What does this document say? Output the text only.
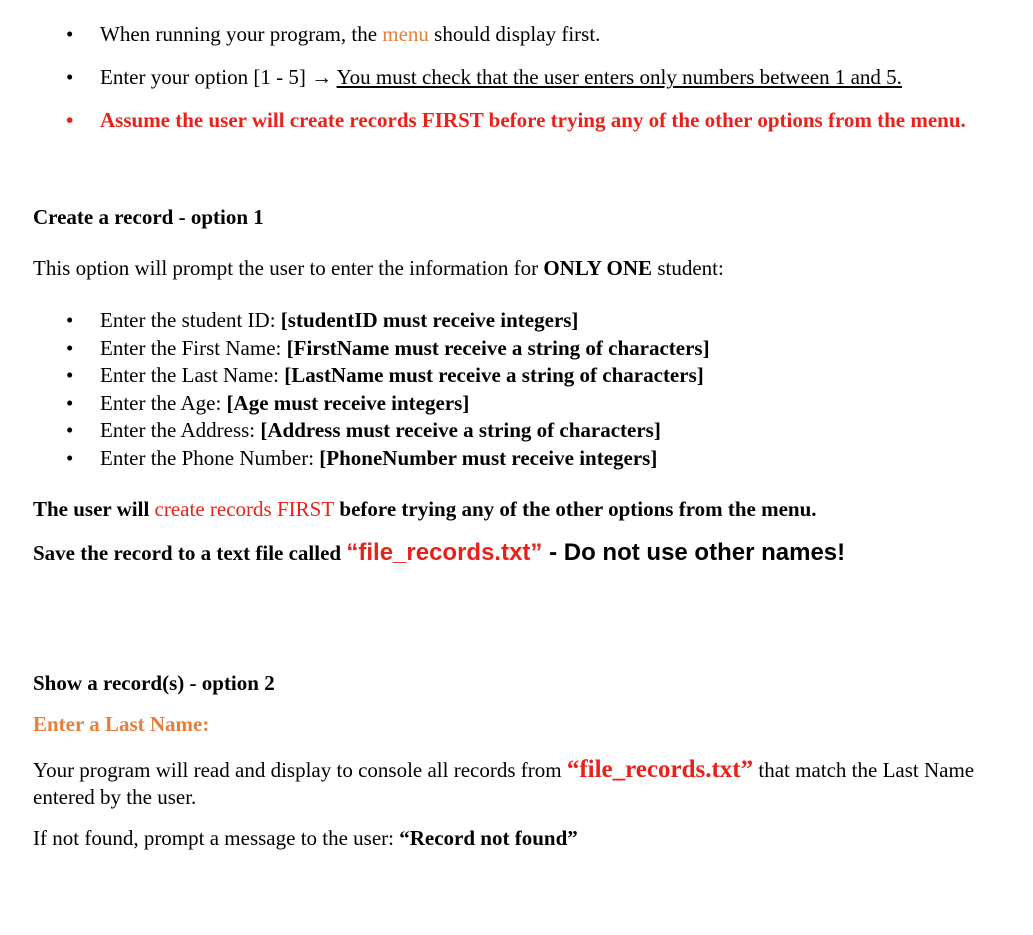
• When running your program, the menu should display first.
• Enter your option [1 - 5] → You must check that the user enters only numbers between 1 and 5.
• Assume the user will create records FIRST before trying any of the other options from the menu.

Create a record - option 1

This option will prompt the user to enter the information for ONLY ONE student:

• Enter the student ID: [studentID must receive integers]
• Enter the First Name: [FirstName must receive a string of characters]
• Enter the Last Name: [LastName must receive a string of characters]
• Enter the Age: [Age must receive integers]
• Enter the Address: [Address must receive a string of characters]
• Enter the Phone Number: [PhoneNumber must receive integers]

The user will create records FIRST before trying any of the other options from the menu.

Save the record to a text file called “file_records.txt” - Do not use other names!

Show a record(s) - option 2

Enter a Last Name:

Your program will read and display to console all records from “file_records.txt” that match the Last Name entered by the user.

If not found, prompt a message to the user: “Record not found”
